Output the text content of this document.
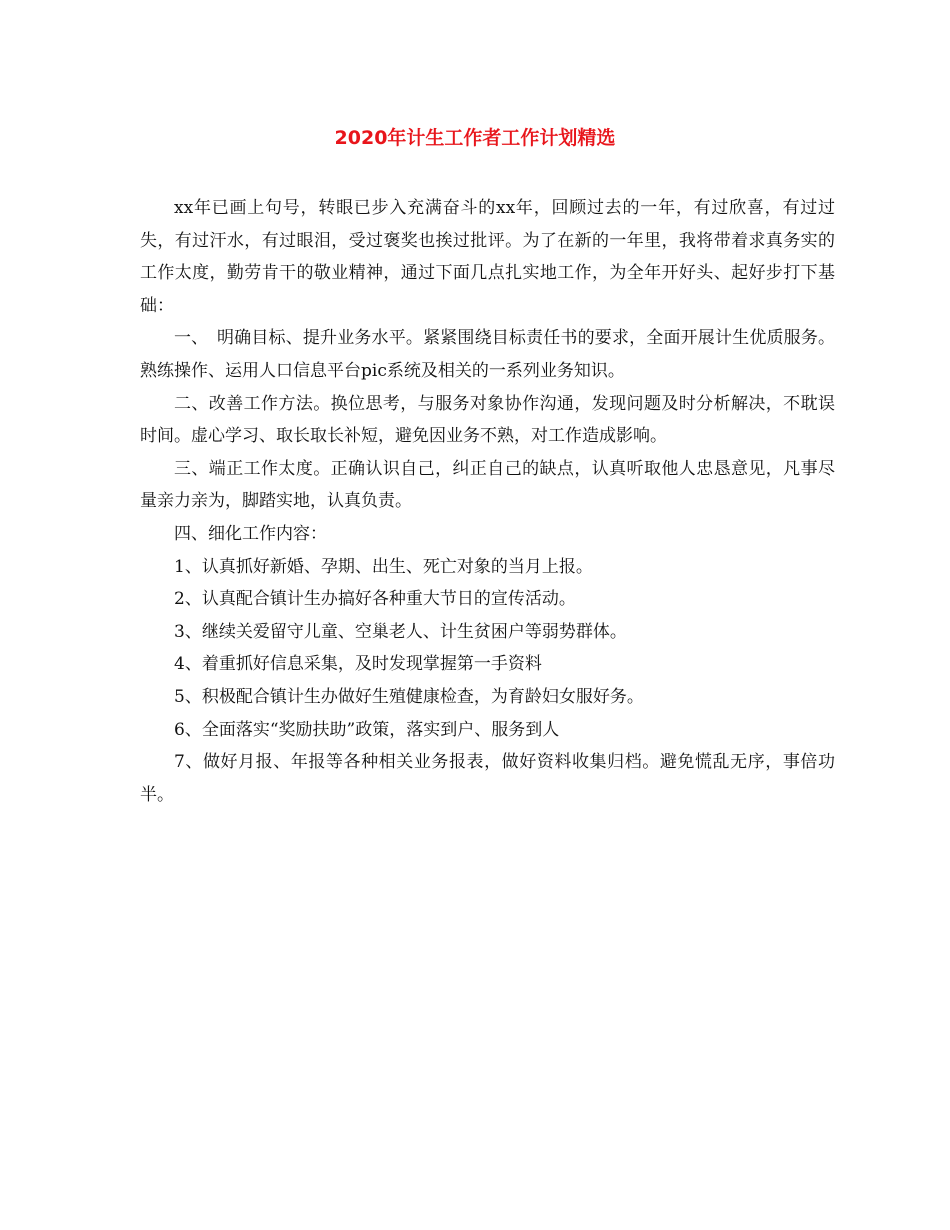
2020年计生工作者工作计划精选

xx年已画上句号，转眼已步入充满奋斗的xx年，回顾过去的一年，有过欣喜，有过过失，有过汗水，有过眼泪，受过褒奖也挨过批评。为了在新的一年里，我将带着求真务实的工作太度，勤劳肯干的敬业精神，通过下面几点扎实地工作，为全年开好头、起好步打下基础：

一、　明确目标、提升业务水平。紧紧围绕目标责任书的要求，全面开展计生优质服务。熟练操作、运用人口信息平台pic系统及相关的一系列业务知识。

二、改善工作方法。换位思考，与服务对象协作沟通，发现问题及时分析解决，不耽误时间。虚心学习、取长取长补短，避免因业务不熟，对工作造成影响。

三、端正工作太度。正确认识自己，纠正自己的缺点，认真听取他人忠恳意见，凡事尽量亲力亲为，脚踏实地，认真负责。

四、细化工作内容：

1、认真抓好新婚、孕期、出生、死亡对象的当月上报。

2、认真配合镇计生办搞好各种重大节日的宣传活动。

3、继续关爱留守儿童、空巢老人、计生贫困户等弱势群体。

4、着重抓好信息采集，及时发现掌握第一手资料

5、积极配合镇计生办做好生殖健康检查，为育龄妇女服好务。

6、全面落实“奖励扶助”政策，落实到户、服务到人

7、做好月报、年报等各种相关业务报表，做好资料收集归档。避免慌乱无序，事倍功半。
